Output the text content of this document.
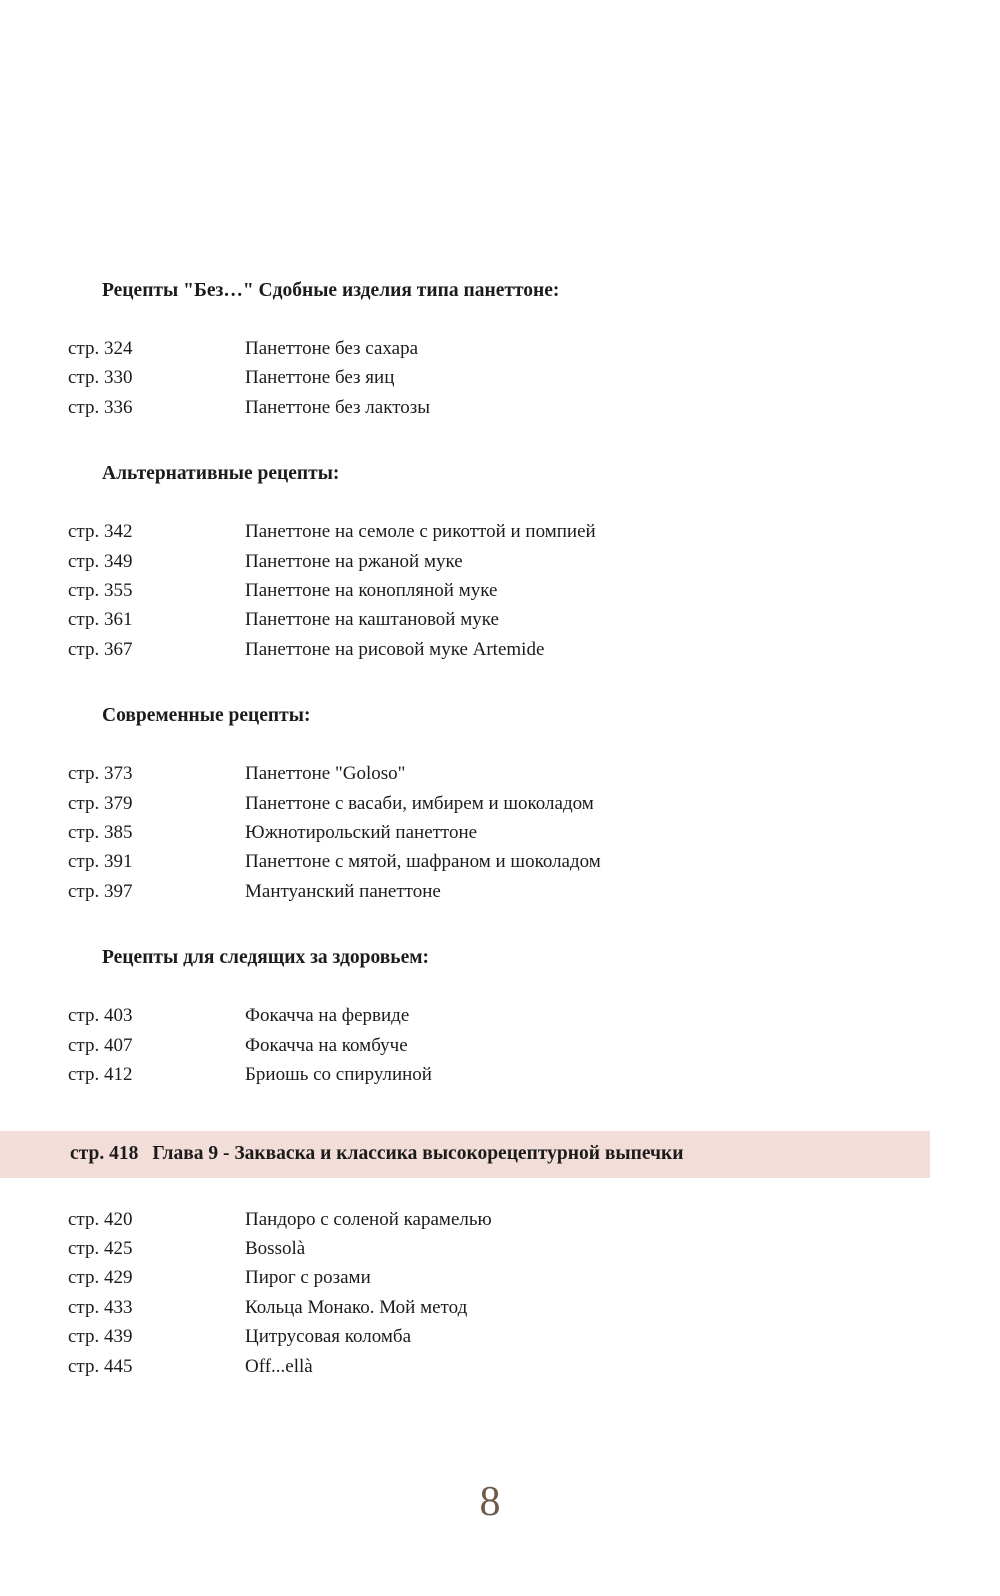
Рецепты "Без…" Сдобные изделия типа панеттоне:
стр. 324	Панеттоне без сахара
стр. 330	Панеттоне без яиц
стр. 336	Панеттоне без лактозы
Альтернативные рецепты:
стр. 342	Панеттоне на семоле с рикоттой и помпией
стр. 349	Панеттоне на ржаной муке
стр. 355	Панеттоне на конопляной муке
стр. 361	Панеттоне на каштановой муке
стр. 367	Панеттоне на рисовой муке Artemide
Современные рецепты:
стр. 373	Панеттоне "Goloso"
стр. 379	Панеттоне с васаби, имбирем и шоколадом
стр. 385	Южнотирольский панеттоне
стр. 391	Панеттоне с мятой, шафраном и шоколадом
стр. 397	Мантуанский панеттоне
Рецепты для следящих за здоровьем:
стр. 403	Фокачча на фервиде
стр. 407	Фокачча на комбуче
стр. 412	Бриошь со спирулиной
стр. 418 Глава 9 - Закваска и классика высокорецептурной выпечки
стр. 420	Пандоро с соленой карамелью
стр. 425	Bossolà
стр. 429	Пирог с розами
стр. 433	Кольца Монако. Мой метод
стр. 439	Цитрусовая коломба
стр. 445	Off...ellà
8
